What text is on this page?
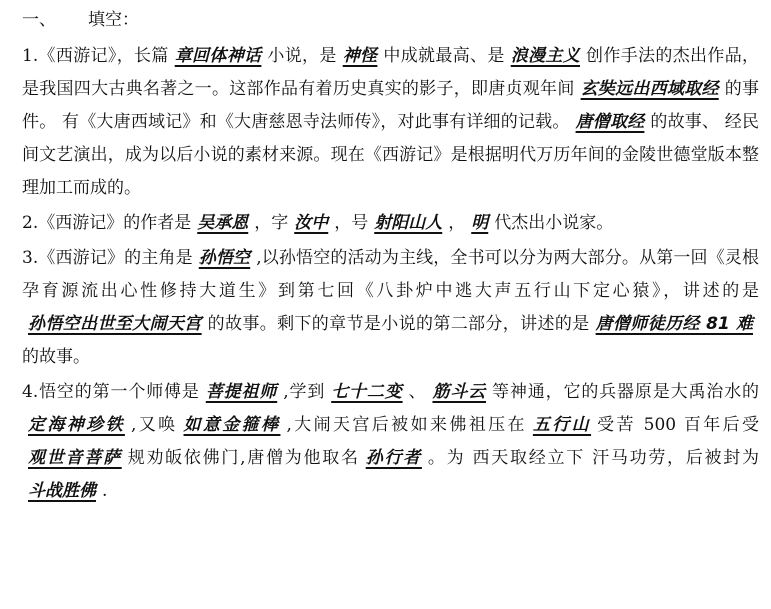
一、 填空：

1.《西游记》，长篇 章回体神话 小说，是 神怪 中成就最高、是 浪漫主义 创作手法的杰出作品， 是我国四大古典名著之一。这部作品有着历史真实的影子，即唐贞观年间 玄奘远出西域取经 的事件。 有《大唐西域记》和《大唐慈恩寺法师传》，对此事有详细的记载。 唐僧取经 的故事、 经民间文艺演出，成为以后小说的素材来源。现在《西游记》是根据明代万历年间的金陵世德堂版本整理加工而成的。

2.《西游记》的作者是 吴承恩 ，字 汝中 ，号 射阳山人 ， 明 代杰出小说家。

3.《西游记》的主角是 孙悟空 ,以孙悟空的活动为主线，全书可以分为两大部分。从第一回《灵根孕育源流出心性修持大道生》到第七回《八卦炉中逃大声五行山下定心猿》，讲述的是孙悟空出世至大闹天宫 的故事。剩下的章节是小说的第二部分，讲述的是 唐僧师徒历经 81 难的故事。

4.悟空的第一个师傅是 菩提祖师 ,学到 七十二变 、 筋斗云 等神通，它的兵器原是大禹治水的定海神珍铁 ,又唤 如意金箍棒 ,大闹天宫后被如来佛祖压在 五行山 受苦 500 百年后受观世音菩萨 规劝皈依佛门,唐僧为他取名 孙行者 。为 西天取经立下 汗马功劳，后被封为斗战胜佛 .
